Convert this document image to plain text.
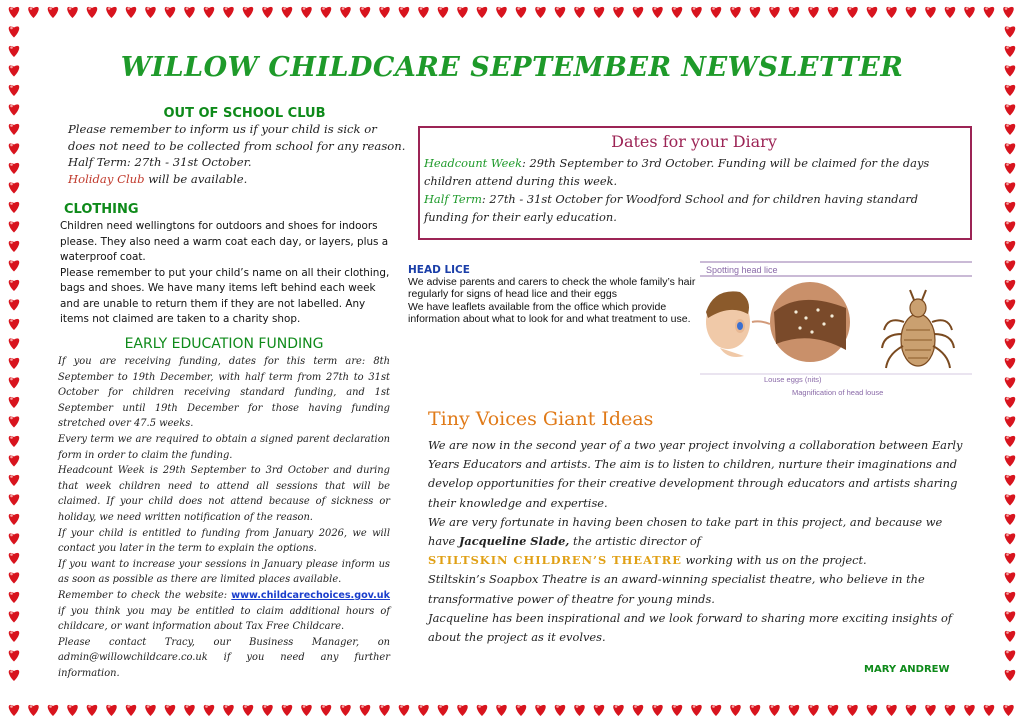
WILLOW CHILDCARE SEPTEMBER NEWSLETTER
OUT OF SCHOOL CLUB

Please remember to inform us if your child is sick or does not need to be collected from school for any reason.
Half Term: 27th - 31st October.
Holiday Club will be available.

CLOTHING

Children need wellingtons for outdoors and shoes for indoors please. They also need a warm coat each day, or layers, plus a waterproof coat.

Please remember to put your child’s name on all their clothing, bags and shoes. We have many items left behind each week and are unable to return them if they are not labelled. Any items not claimed are taken to a charity shop.

EARLY EDUCATION FUNDING

If you are receiving funding, dates for this term are: 8th September to 19th December, with half term from 27th to 31st October for children receiving standard funding, and 1st September until 19th December for those having funding stretched over 47.5 weeks.

Every term we are required to obtain a signed parent declaration form in order to claim the funding.

Headcount Week is 29th September to 3rd October and during that week children need to attend all sessions that will be claimed. If your child does not attend because of sickness or holiday, we need written notification of the reason.

If your child is entitled to funding from January 2026, we will contact you later in the term to explain the options.

If you want to increase your sessions in January please inform us as soon as possible as there are limited places available.

Remember to check the website: www.childcarechoices.gov.uk if you think you may be entitled to claim additional hours of childcare, or want information about Tax Free Childcare.

Please contact Tracy, our Business Manager, on admin@willowchildcare.co.uk if you need any further information.

Dates for your Diary

Headcount Week: 29th September to 3rd October. Funding will be claimed for the days children attend during this week.

Half Term: 27th - 31st October for Woodford School and for children having standard funding for their early education.

HEAD LICE

We advise parents and carers to check the whole family’s hair regularly for signs of head lice and their eggs

We have leaflets available from the office which provide information about what to look for and what treatment to use.

Spotting head lice
Louse eggs (nits)
Magnification of head louse
Tiny Voices Giant Ideas

We are now in the second year of a two year project involving a collaboration between Early Years Educators and artists. The aim is to listen to children, nurture their imaginations and develop opportunities for their creative development through educators and artists sharing their knowledge and expertise.

We are very fortunate in having been chosen to take part in this project, and because we have Jacqueline Slade, the artistic director of

STILTSKIN CHILDREN’S THEATRE working with us on the project.

Stiltskin’s Soapbox Theatre is an award-winning specialist theatre, who believe in the transformative power of theatre for young minds.

Jacqueline has been inspirational and we look forward to sharing more exciting insights of about the project as it evolves.

MARY ANDREW
